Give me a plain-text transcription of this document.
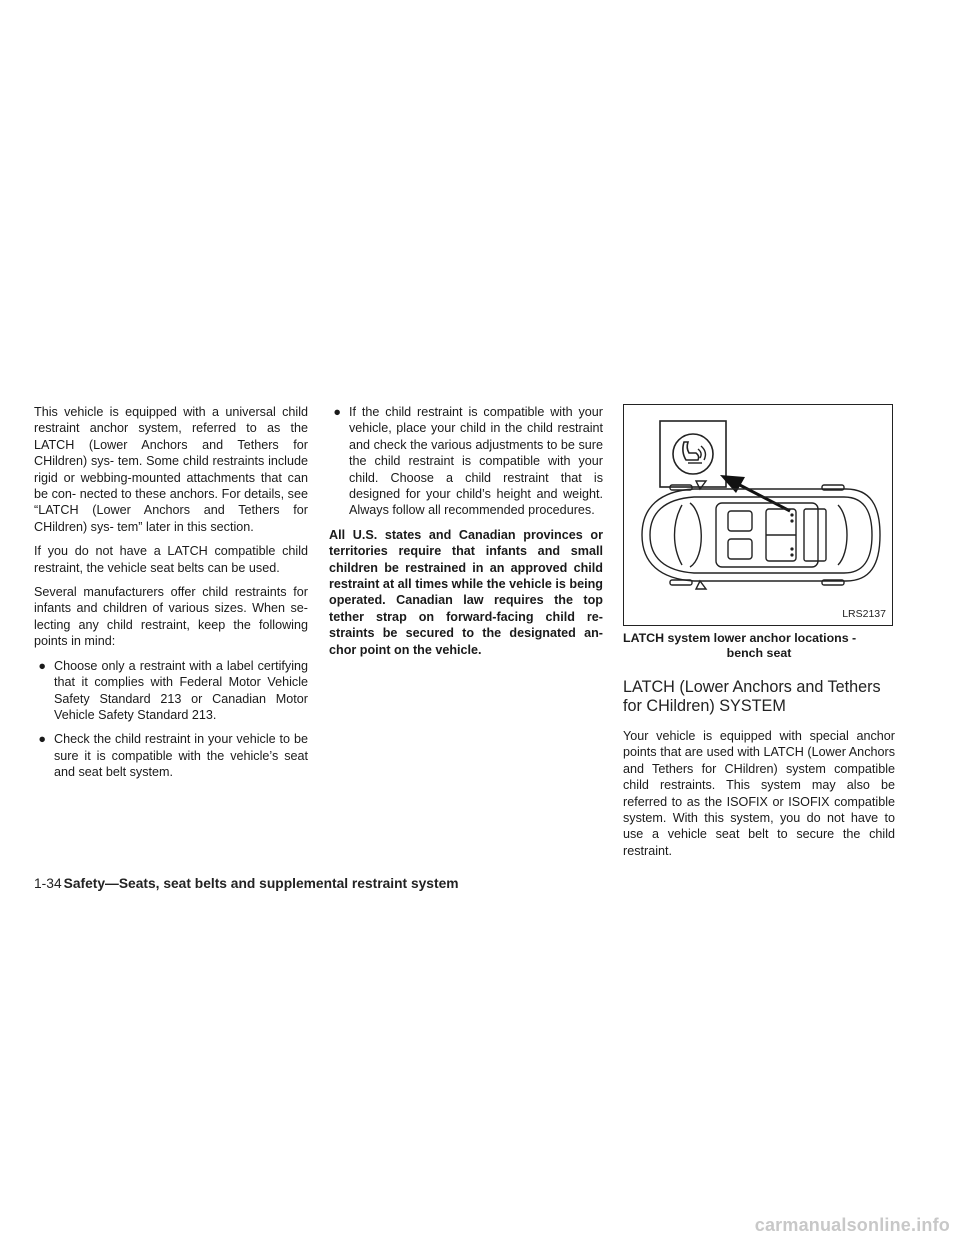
This vehicle is equipped with a universal child restraint anchor system, referred to as the LATCH (Lower Anchors and Tethers for CHildren) sys- tem. Some child restraints include rigid or webbing-mounted attachments that can be con- nected to these anchors. For details, see “LATCH (Lower Anchors and Tethers for CHildren) sys- tem” later in this section.

If you do not have a LATCH compatible child restraint, the vehicle seat belts can be used.

Several manufacturers offer child restraints for infants and children of various sizes. When se- lecting any child restraint, keep the following points in mind:

● Choose only a restraint with a label certifying that it complies with Federal Motor Vehicle Safety Standard 213 or Canadian Motor Vehicle Safety Standard 213.
● Check the child restraint in your vehicle to be sure it is compatible with the vehicle’s seat and seat belt system.
● If the child restraint is compatible with your vehicle, place your child in the child restraint and check the various adjustments to be sure the child restraint is compatible with your child. Choose a child restraint that is designed for your child’s height and weight. Always follow all recommended procedures.

All U.S. states and Canadian provinces or territories require that infants and small children be restrained in an approved child restraint at all times while the vehicle is being operated. Canadian law requires the top tether strap on forward-facing child re- straints be secured to the designated an- chor point on the vehicle.

LRS2137
LATCH system lower anchor locations -
bench seat
LATCH (Lower Anchors and Tethers for CHildren) SYSTEM

Your vehicle is equipped with special anchor points that are used with LATCH (Lower Anchors and Tethers for CHildren) system compatible child restraints. This system may also be referred to as the ISOFIX or ISOFIX compatible system. With this system, you do not have to use a vehicle seat belt to secure the child restraint.

1-34 Safety—Seats, seat belts and supplemental restraint system
carmanualsonline.info
